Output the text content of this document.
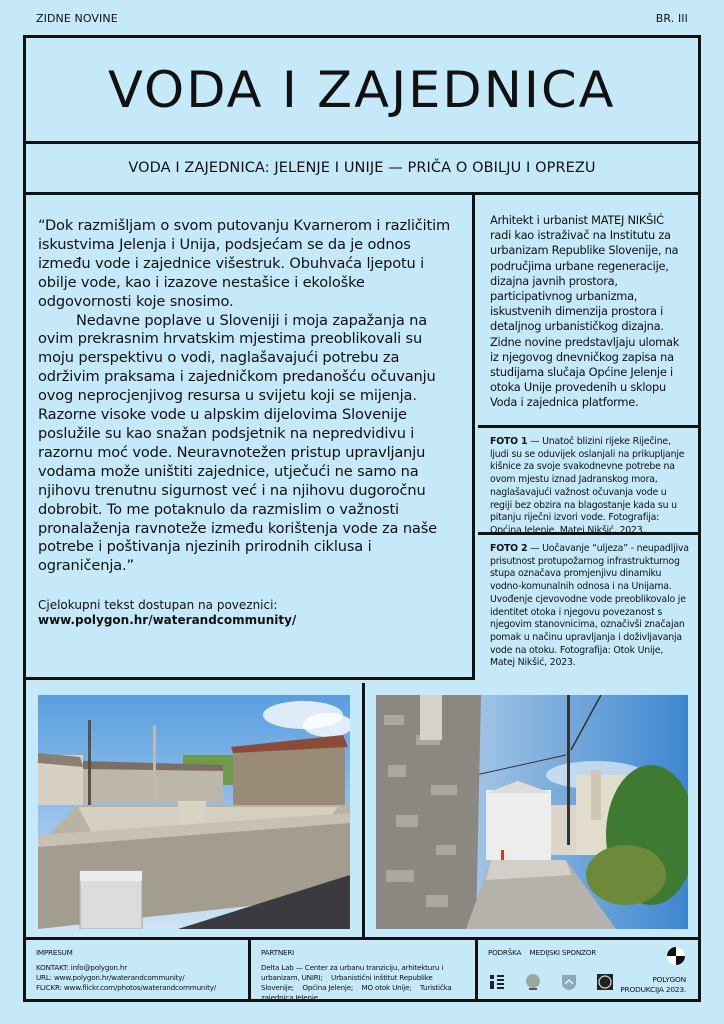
ZIDNE NOVINE	BR. III
VODA I ZAJEDNICA
VODA I ZAJEDNICA: JELENJE I UNIJE — PRIČA O OBILJU I OPREZU

“Dok razmišljam o svom putovanju Kvarnerom i različitim iskustvima Jelenja i Unija, podsjećam se da je odnos između vode i zajednice višestruk. Obuhvaća ljepotu i obilje vode, kao i izazove nestašice i ekološke odgovornosti koje snosimo.

Nedavne poplave u Sloveniji i moja zapažanja na ovim prekrasnim hrvatskim mjestima preoblikovali su moju perspektivu o vodi, naglašavajući potrebu za održivim praksama i zajedničkom predanošću očuvanju ovog neprocjenjivog resursa u svijetu koji se mijenja. Razorne visoke vode u alpskim dijelovima Slovenije poslužile su kao snažan podsjetnik na nepredvidivu i razornu moć vode. Neuravnotežen pristup upravljanju vodama može uništiti zajednice, utječući ne samo na njihovu trenutnu sigurnost već i na njihovu dugoročnu dobrobit. To me potaknulo da razmislim o važnosti pronalaženja ravnoteže između korištenja vode za naše potrebe i poštivanja njezinih prirodnih ciklusa i ograničenja.”

Cjelokupni tekst dostupan na poveznici:
www.polygon.hr/waterandcommunity/
Arhitekt i urbanist MATEJ NIKŠIĆ radi kao istraživač na Institutu za urbanizam Republike Slovenije, na područjima urbane regeneracije, dizajna javnih prostora, participativnog urbanizma, iskustvenih dimenzija prostora i detaljnog urbanističkog dizajna. Zidne novine predstavljaju ulomak iz njegovog dnevničkog zapisa na studijama slučaja Općine Jelenje i otoka Unije provedenih u sklopu Voda i zajednica platforme.
FOTO 1 — Unatoč blizini rijeke Riječine, ljudi su se oduvijek oslanjali na prikupljanje kišnice za svoje svakodnevne potrebe na ovom mjestu iznad Jadranskog mora, naglašavajući važnost očuvanja vode u regiji bez obzira na blagostanje kada su u pitanju riječni izvori vode. Fotografija: Općina Jelenje, Matej Nikšić, 2023.
FOTO 2 — Uočavanje “uljeza” - neupadljiva prisutnost protupožarnog infrastrukturnog stupa označava promjenjivu dinamiku vodno-komunalnih odnosa i na Unijama. Uvođenje cjevovodne vode preoblikovalo je identitet otoka i njegovu povezanost s njegovim stanovnicima, označivši značajan pomak u načinu upravljanja i doživljavanja vode na otoku. Fotografija: Otok Unije, Matej Nikšić, 2023.
IMPRESUM
KONTAKT: info@polygon.hr
URL: www.polygon.hr/waterandcommunity/
FLICKR: www.flickr.com/photos/waterandcommunity/
PARTNERI
Delta Lab — Center za urbanu tranziciju, arhitekturu i urbanizam, UNIRI;    Urbanistični inštitut Republike Slovenije;    Općina Jelenje;    MO otok Unije;    Turistička zajednica Jelenje
PODRŠKA    MEDIJSKI SPONZOR
POLYGON
PRODUKCIJA 2023.
